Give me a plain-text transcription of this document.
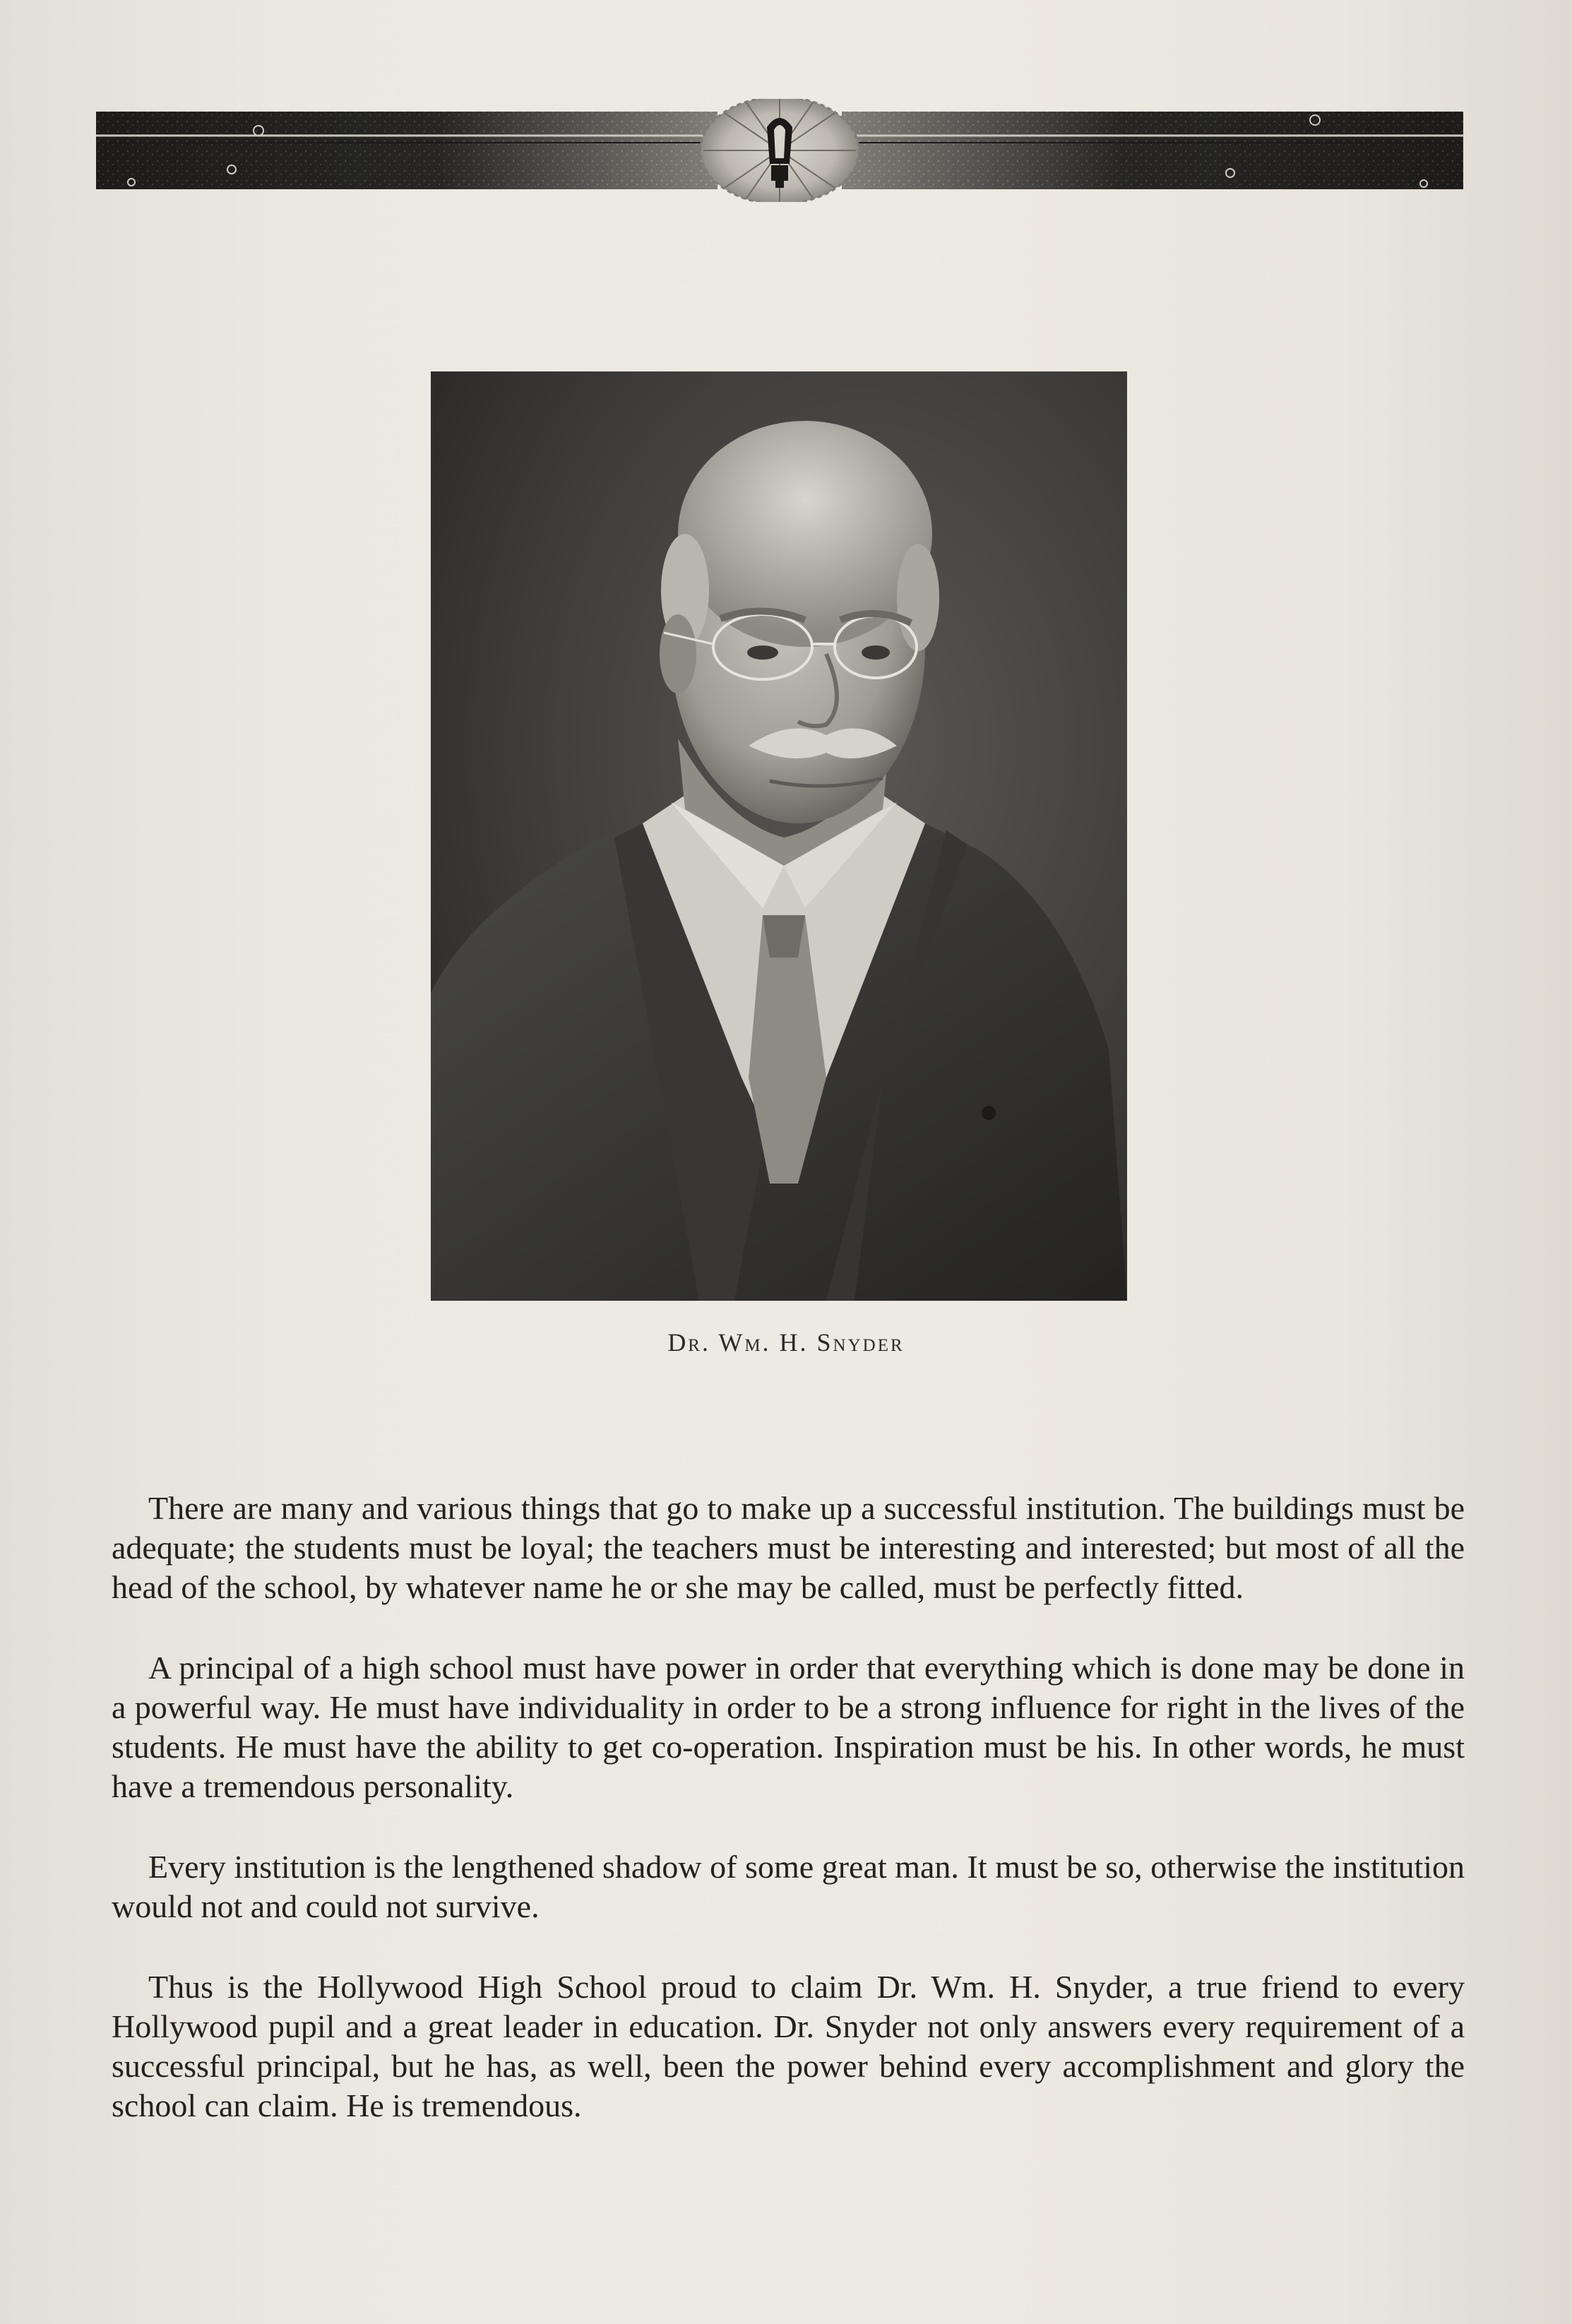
Dr. Wm. H. Snyder

There are many and various things that go to make up a successful institution. The buildings must be adequate; the students must be loyal; the teachers must be interesting and interested; but most of all the head of the school, by whatever name he or she may be called, must be perfectly fitted.

A principal of a high school must have power in order that everything which is done may be done in a powerful way. He must have individuality in order to be a strong influence for right in the lives of the students. He must have the ability to get co-operation. Inspiration must be his. In other words, he must have a tremendous personality.

Every institution is the lengthened shadow of some great man. It must be so, otherwise the institution would not and could not survive.

Thus is the Hollywood High School proud to claim Dr. Wm. H. Snyder, a true friend to every Hollywood pupil and a great leader in education. Dr. Snyder not only answers every requirement of a successful principal, but he has, as well, been the power behind every accomplishment and glory the school can claim. He is tremendous.
